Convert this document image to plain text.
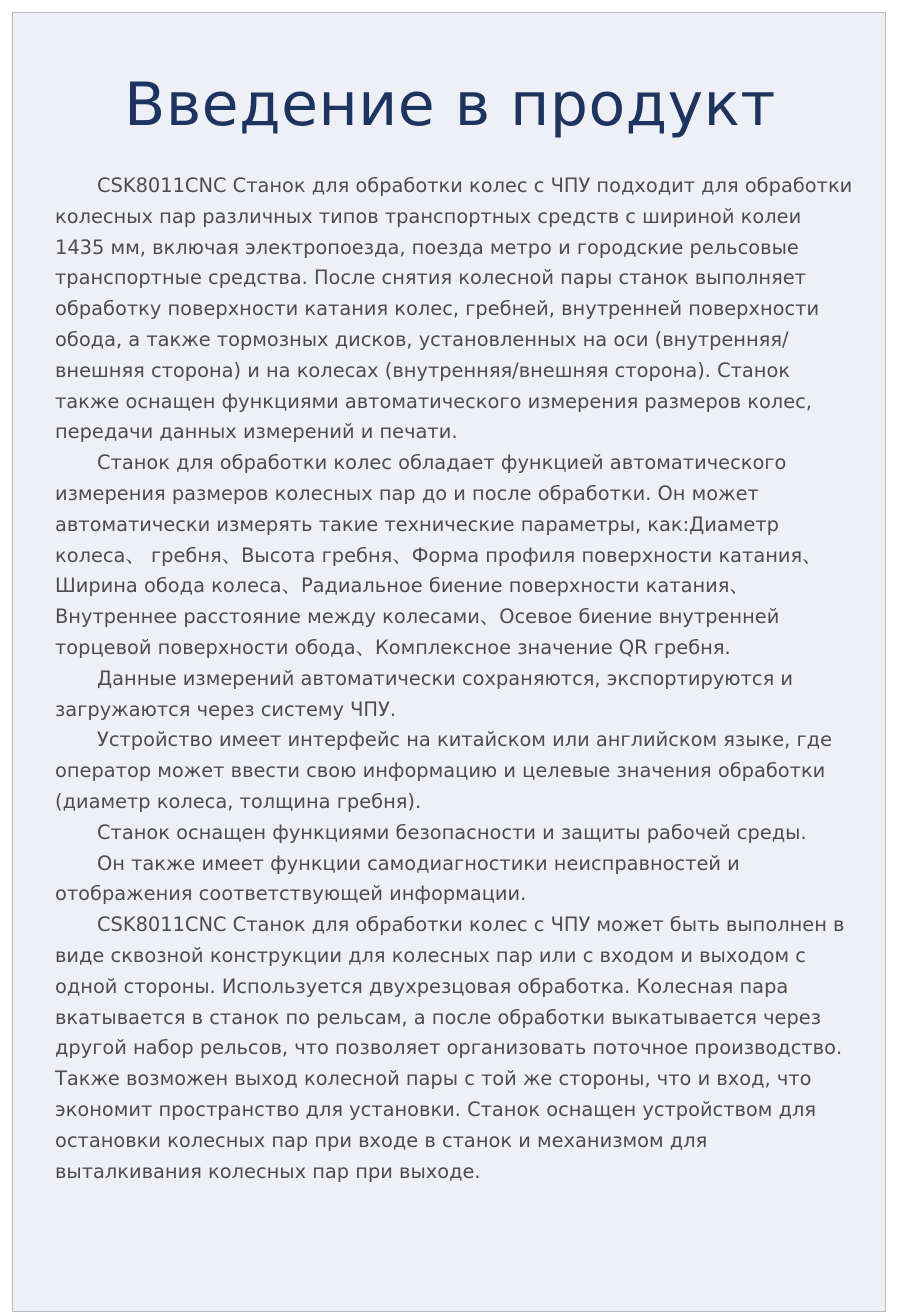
Введение в продукт

CSK8011CNC Станок для обработки колес с ЧПУ подходит для обработки колесных пар различных типов транспортных средств с шириной колеи 1435 мм, включая электропоезда, поезда метро и городские рельсовые транспортные средства. После снятия колесной пары станок выполняет обработку поверхности катания колес, гребней, внутренней поверхности обода, а также тормозных дисков, установленных на оси (внутренняя/внешняя сторона) и на колесах (внутренняя/внешняя сторона). Станок также оснащен функциями автоматического измерения размеров колес, передачи данных измерений и печати.

Станок для обработки колес обладает функцией автоматического измерения размеров колесных пар до и после обработки. Он может автоматически измерять такие технические параметры, как:Диаметр колеса、 гребня、Высота гребня、Форма профиля поверхности катания、Ширина обода колеса、Радиальное биение поверхности катания、Внутреннее расстояние между колесами、Осевое биение внутренней торцевой поверхности обода、Комплексное значение QR гребня.

Данные измерений автоматически сохраняются, экспортируются и загружаются через систему ЧПУ.

Устройство имеет интерфейс на китайском или английском языке, где оператор может ввести свою информацию и целевые значения обработки (диаметр колеса, толщина гребня).

Станок оснащен функциями безопасности и защиты рабочей среды.

Он также имеет функции самодиагностики неисправностей и отображения соответствующей информации.

CSK8011CNC Станок для обработки колес с ЧПУ может быть выполнен в виде сквозной конструкции для колесных пар или с входом и выходом с одной стороны. Используется двухрезцовая обработка. Колесная пара вкатывается в станок по рельсам, а после обработки выкатывается через другой набор рельсов, что позволяет организовать поточное производство. Также возможен выход колесной пары с той же стороны, что и вход, что экономит пространство для установки. Станок оснащен устройством для остановки колесных пар при входе в станок и механизмом для выталкивания колесных пар при выходе.
